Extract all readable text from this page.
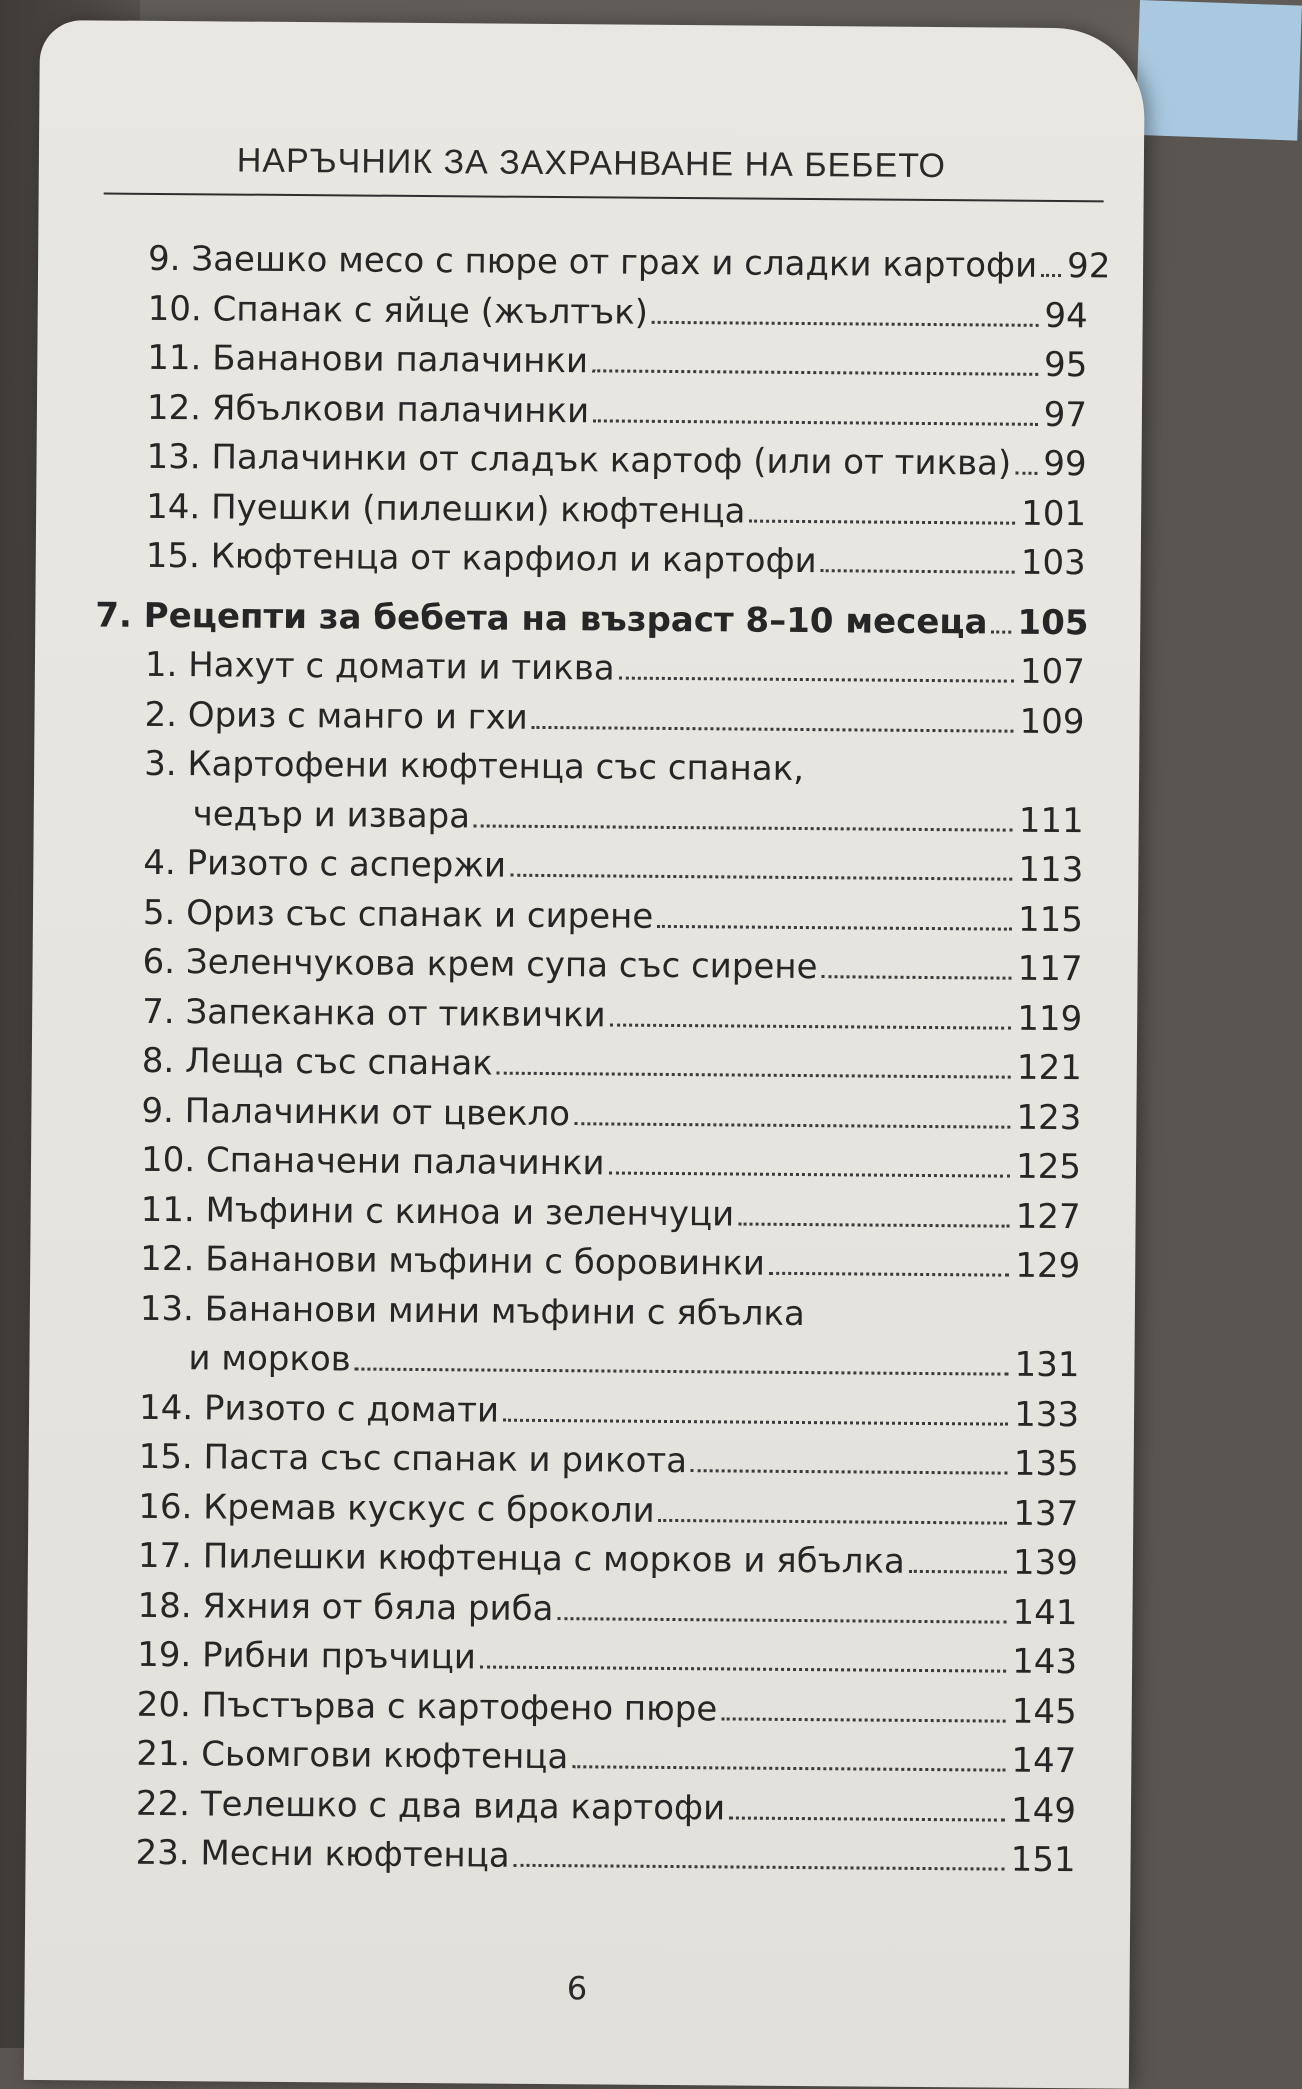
НАРЪЧНИК ЗА ЗАХРАНВАНЕ НА БЕБЕТО
9. Заешко месо с пюре от грах и сладки картофи 92
10. Спанак с яйце (жълтък)	94
11. Бананови палачинки	95
12. Ябълкови палачинки	97
13. Палачинки от сладък картоф (или от тиква) 99
14. Пуешки (пилешки) кюфтенца	101
15. Кюфтенца от карфиол и картофи	103
7. Рецепти за бебета на възраст 8–10 месеца 105
1. Нахут с домати и тиква	107
2. Ориз с манго и гхи	109
3. Картофени кюфтенца със спанак,
чедър и извара	111
4. Ризото с аспержи	113
5. Ориз със спанак и сирене	115
6. Зеленчукова крем супа със сирене	117
7. Запеканка от тиквички	119
8. Леща със спанак	121
9. Палачинки от цвекло	123
10. Спаначени палачинки	125
11. Мъфини с киноа и зеленчуци	127
12. Бананови мъфини с боровинки	129
13. Бананови мини мъфини с ябълка
и морков	131
14. Ризото с домати	133
15. Паста със спанак и рикота	135
16. Кремав кускус с броколи	137
17. Пилешки кюфтенца с морков и ябълка	139
18. Яхния от бяла риба	141
19. Рибни пръчици	143
20. Пъстърва с картофено пюре	145
21. Сьомгови кюфтенца	147
22. Телешко с два вида картофи	149
23. Месни кюфтенца	151
6
